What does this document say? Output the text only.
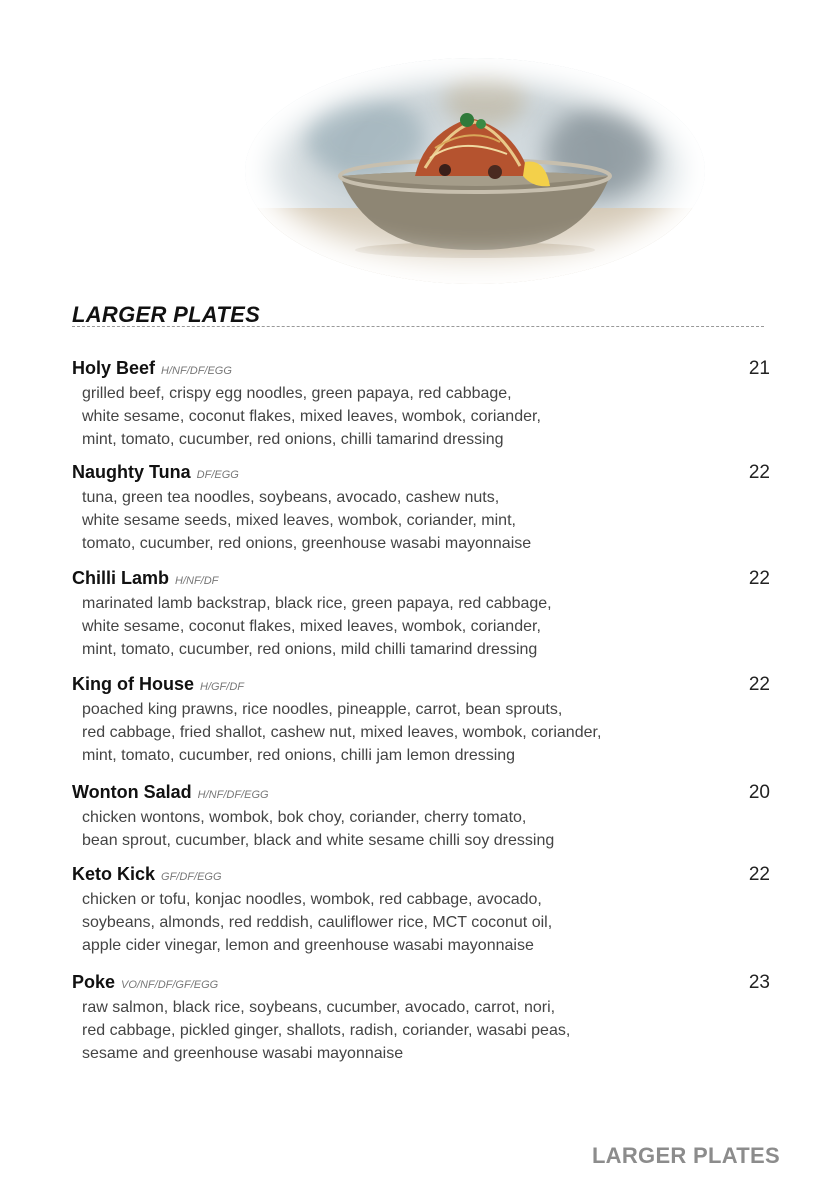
LARGER PLATES
Holy Beef H/NF/DF/EGG	21
grilled beef, crispy egg noodles, green papaya, red cabbage,
white sesame, coconut flakes, mixed leaves, wombok, coriander,
mint, tomato, cucumber, red onions, chilli tamarind dressing
Naughty Tuna DF/EGG	22
tuna, green tea noodles, soybeans, avocado, cashew nuts,
white sesame seeds, mixed leaves, wombok, coriander, mint,
tomato, cucumber, red onions, greenhouse wasabi mayonnaise
Chilli Lamb H/NF/DF	22
marinated lamb backstrap, black rice, green papaya, red cabbage,
white sesame, coconut flakes, mixed leaves, wombok, coriander,
mint, tomato, cucumber, red onions, mild chilli tamarind dressing
King of House H/GF/DF	22
poached king prawns, rice noodles, pineapple, carrot, bean sprouts,
red cabbage, fried shallot, cashew nut, mixed leaves, wombok, coriander,
mint, tomato, cucumber, red onions, chilli jam lemon dressing
Wonton Salad H/NF/DF/EGG	20
chicken wontons, wombok, bok choy, coriander, cherry tomato,
bean sprout, cucumber, black and white sesame chilli soy dressing
Keto Kick GF/DF/EGG	22
chicken or tofu, konjac noodles, wombok, red cabbage, avocado,
soybeans, almonds, red reddish, cauliflower rice, MCT coconut oil,
apple cider vinegar, lemon and greenhouse wasabi mayonnaise
Poke VO/NF/DF/GF/EGG	23
raw salmon, black rice, soybeans, cucumber, avocado, carrot, nori,
red cabbage, pickled ginger, shallots, radish, coriander, wasabi peas,
sesame and greenhouse wasabi mayonnaise
LARGER PLATES
